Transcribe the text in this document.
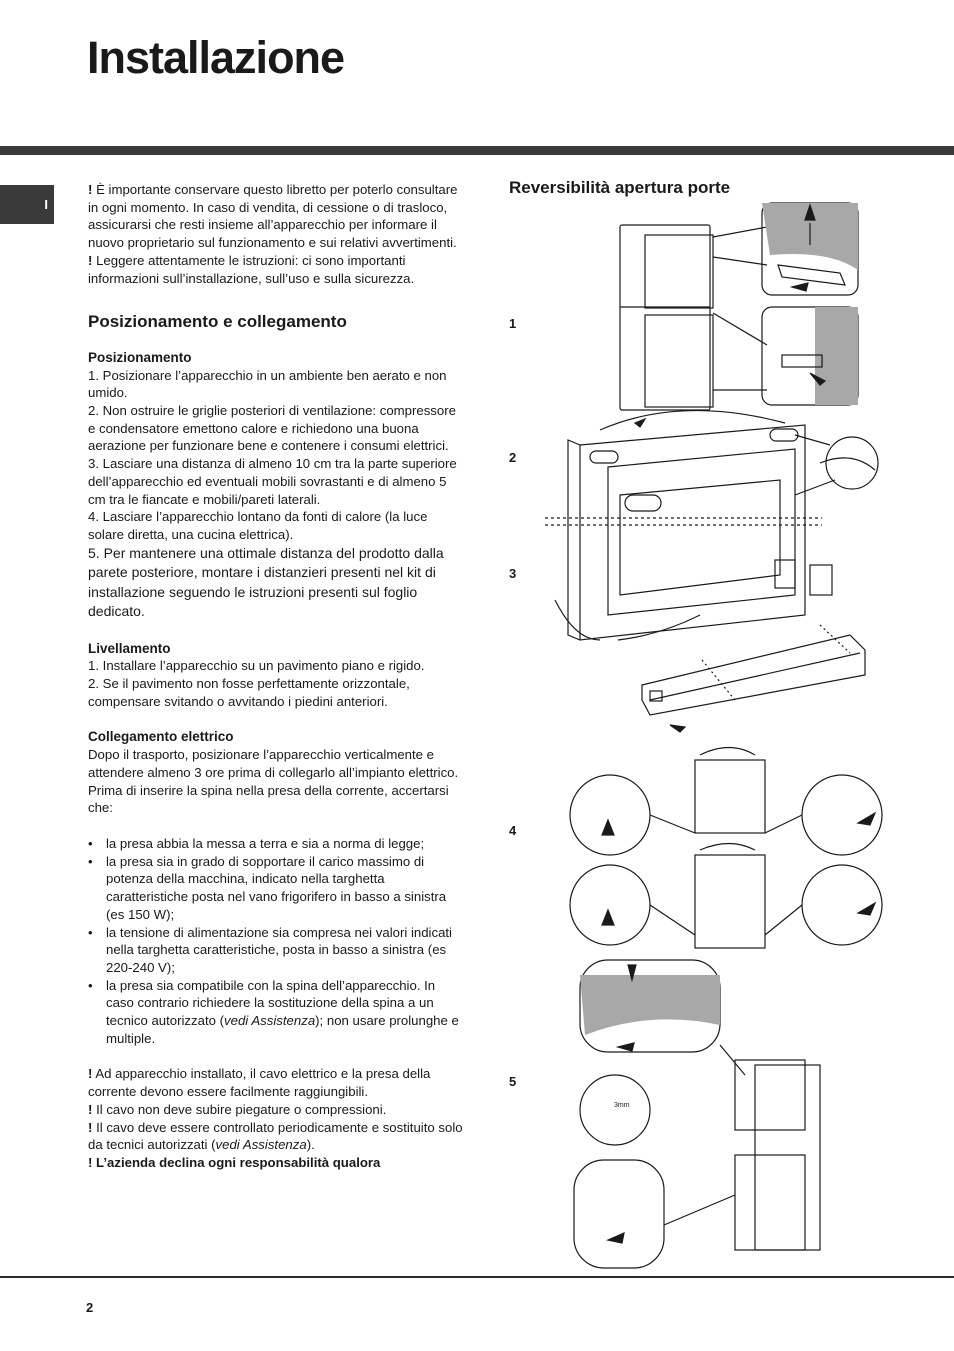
Installazione
I

! È importante conservare questo libretto per poterlo consultare in ogni momento. In caso di vendita, di cessione o di trasloco, assicurarsi che resti insieme all’apparecchio per informare il nuovo proprietario sul funzionamento e sui relativi avvertimenti.

! Leggere attentamente le istruzioni: ci sono importanti informazioni sull’installazione, sull’uso e sulla sicurezza.

Posizionamento e collegamento
Posizionamento

1. Posizionare l’apparecchio in un ambiente ben aerato e non umido.

2. Non ostruire le griglie posteriori di ventilazione: compressore e condensatore emettono calore e richiedono una buona aerazione per funzionare bene e contenere i consumi elettrici.

3. Lasciare una distanza di almeno 10 cm tra la parte superiore dell’apparecchio ed eventuali mobili sovrastanti e di almeno 5 cm tra le fiancate e mobili/pareti laterali.

4. Lasciare l’apparecchio lontano da fonti di calore (la luce solare diretta, una cucina elettrica).

5. Per mantenere una ottimale distanza del prodotto dalla parete posteriore, montare i distanzieri presenti nel kit di installazione seguendo le istruzioni presenti sul foglio dedicato.

Livellamento

1. Installare l’apparecchio su un pavimento piano e rigido.

2. Se il pavimento non fosse perfettamente orizzontale, compensare svitando o avvitando i piedini anteriori.

Collegamento elettrico

Dopo il trasporto, posizionare l’apparecchio verticalmente e attendere almeno 3 ore prima di collegarlo all’impianto elettrico. Prima di inserire la spina nella presa della corrente, accertarsi che:

• la presa abbia la messa a terra e sia a norma di legge;
• la presa sia in grado di sopportare il carico massimo di potenza della macchina, indicato nella targhetta caratteristiche posta nel vano frigorifero in basso a sinistra (es 150 W);
• la tensione di alimentazione sia compresa nei valori indicati nella targhetta caratteristiche, posta in basso a sinistra (es 220-240 V);
• la presa sia compatibile con la spina dell’apparecchio. In caso contrario richiedere la sostituzione della spina a un tecnico autorizzato (vedi Assistenza); non usare prolunghe e multiple.

! Ad apparecchio installato, il cavo elettrico e la presa della corrente devono essere facilmente raggiungibili.

! Il cavo non deve subire piegature o compressioni.

! Il cavo deve essere controllato periodicamente e sostituito solo da tecnici autorizzati (vedi Assistenza).

! L’azienda declina ogni responsabilità qualora

Reversibilità apertura porte
1
2
3
4
5
3mm
2
